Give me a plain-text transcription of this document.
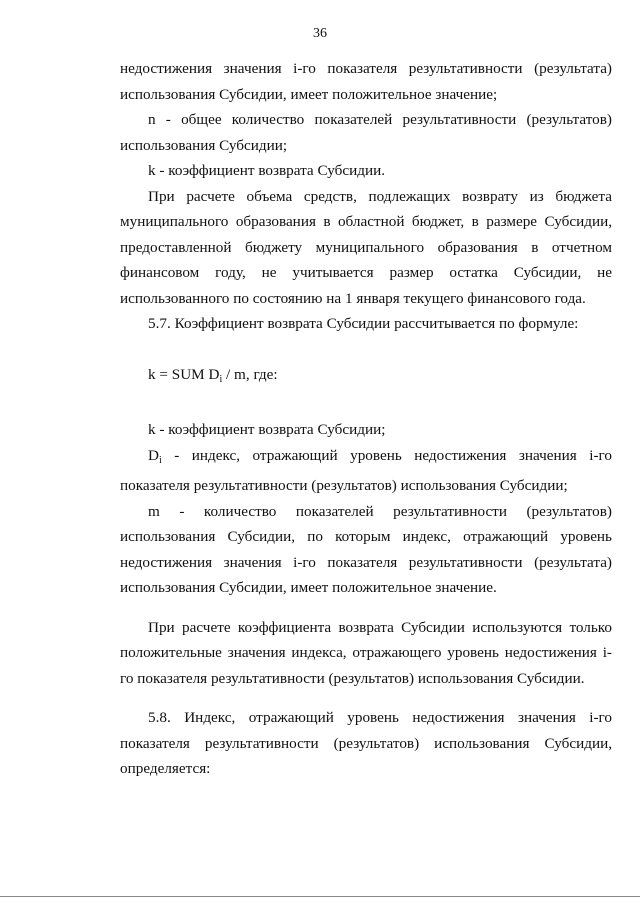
36

недостижения значения i-го показателя результативности (результата) использования Субсидии, имеет положительное значение;

n - общее количество показателей результативности (результатов) использования Субсидии;

k - коэффициент возврата Субсидии.

При расчете объема средств, подлежащих возврату из бюджета муниципального образования в областной бюджет, в размере Субсидии, предоставленной бюджету муниципального образования в отчетном финансовом году, не учитывается размер остатка Субсидии, не использованного по состоянию на 1 января текущего финансового года.

5.7. Коэффициент возврата Субсидии рассчитывается по формуле:

k = SUM $D_i$ / m, где:

k - коэффициент возврата Субсидии;

$D_i$ - индекс, отражающий уровень недостижения значения i-го показателя результативности (результатов) использования Субсидии;

m - количество показателей результативности (результатов) использования Субсидии, по которым индекс, отражающий уровень недостижения значения i-го показателя результативности (результата) использования Субсидии, имеет положительное значение.

При расчете коэффициента возврата Субсидии используются только положительные значения индекса, отражающего уровень недостижения i-го показателя результативности (результатов) использования Субсидии.

5.8. Индекс, отражающий уровень недостижения значения i-го показателя результативности (результатов) использования Субсидии, определяется:
